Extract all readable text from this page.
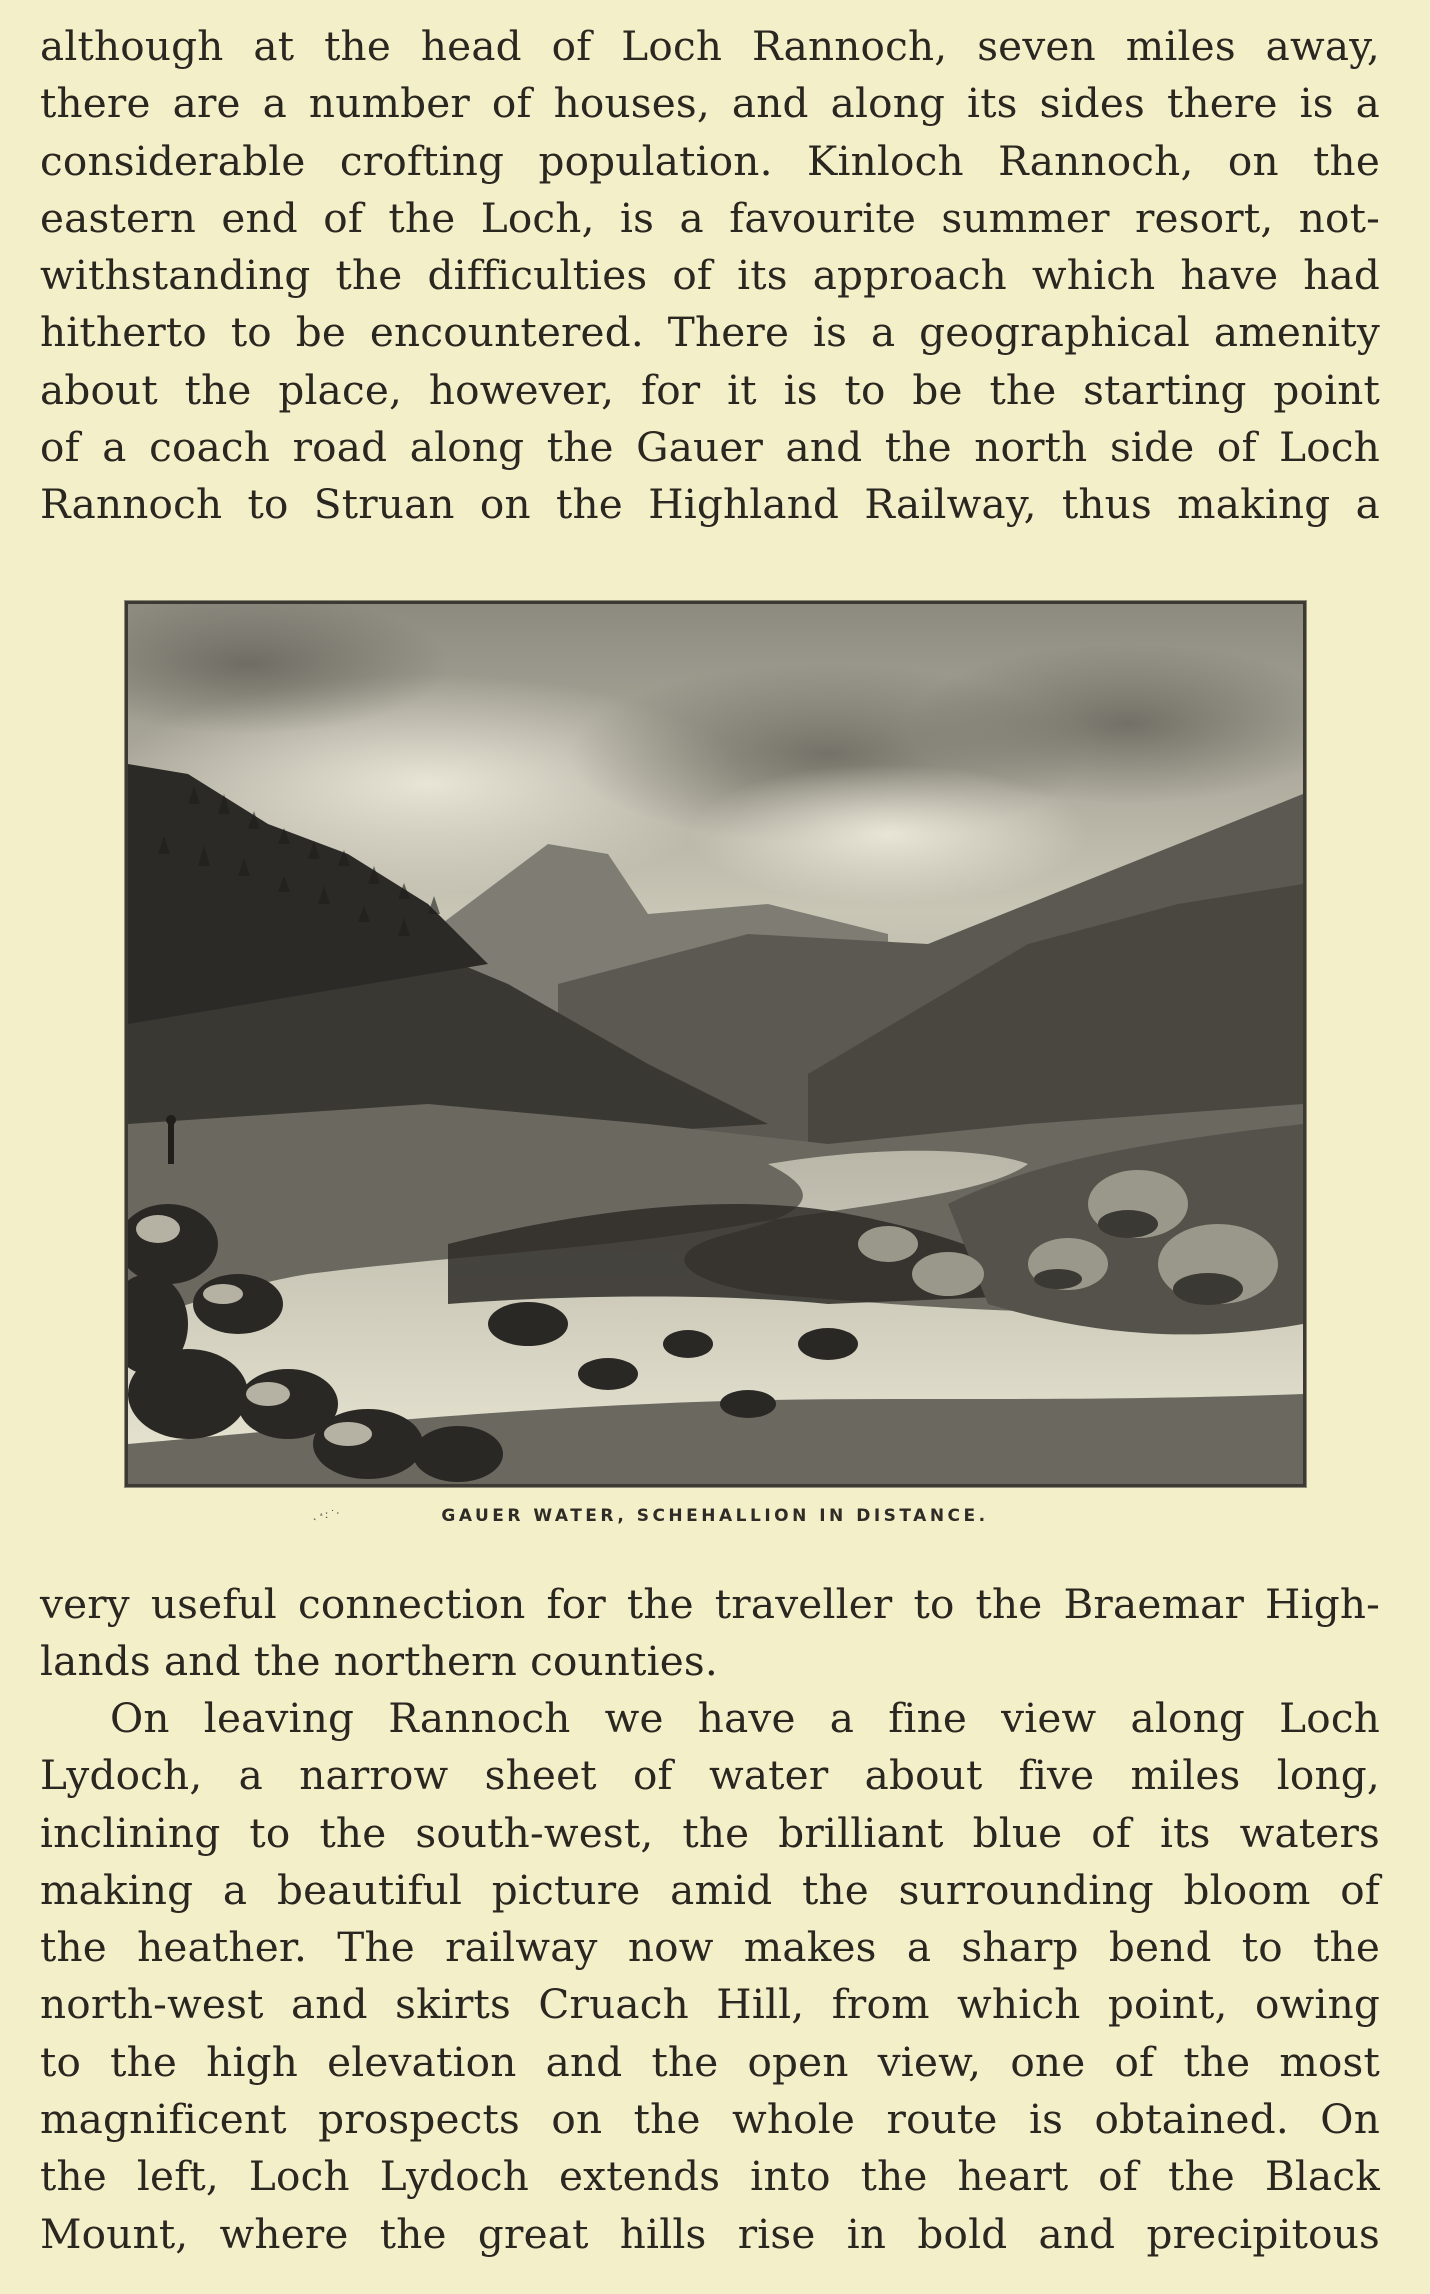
although at the head of Loch Rannoch, seven miles away,
there are a number of houses, and along its sides there is a
considerable crofting population. Kinloch Rannoch, on the
eastern end of the Loch, is a favourite summer resort, not-
withstanding the difficulties of its approach which have had
hitherto to be encountered. There is a geographical amenity
about the place, however, for it is to be the starting point
of a coach road along the Gauer and the north side of Loch
Rannoch to Struan on the Highland Railway, thus making a

˛˔ː˙ˑ	GAUER WATER, SCHEHALLION IN DISTANCE.

very useful connection for the traveller to the Braemar High-
lands and the northern counties.

On leaving Rannoch we have a fine view along Loch
Lydoch, a narrow sheet of water about five miles long,
inclining to the south-west, the brilliant blue of its waters
making a beautiful picture amid the surrounding bloom of
the heather. The railway now makes a sharp bend to the
north-west and skirts Cruach Hill, from which point, owing
to the high elevation and the open view, one of the most
magnificent prospects on the whole route is obtained. On
the left, Loch Lydoch extends into the heart of the Black
Mount, where the great hills rise in bold and precipitous
